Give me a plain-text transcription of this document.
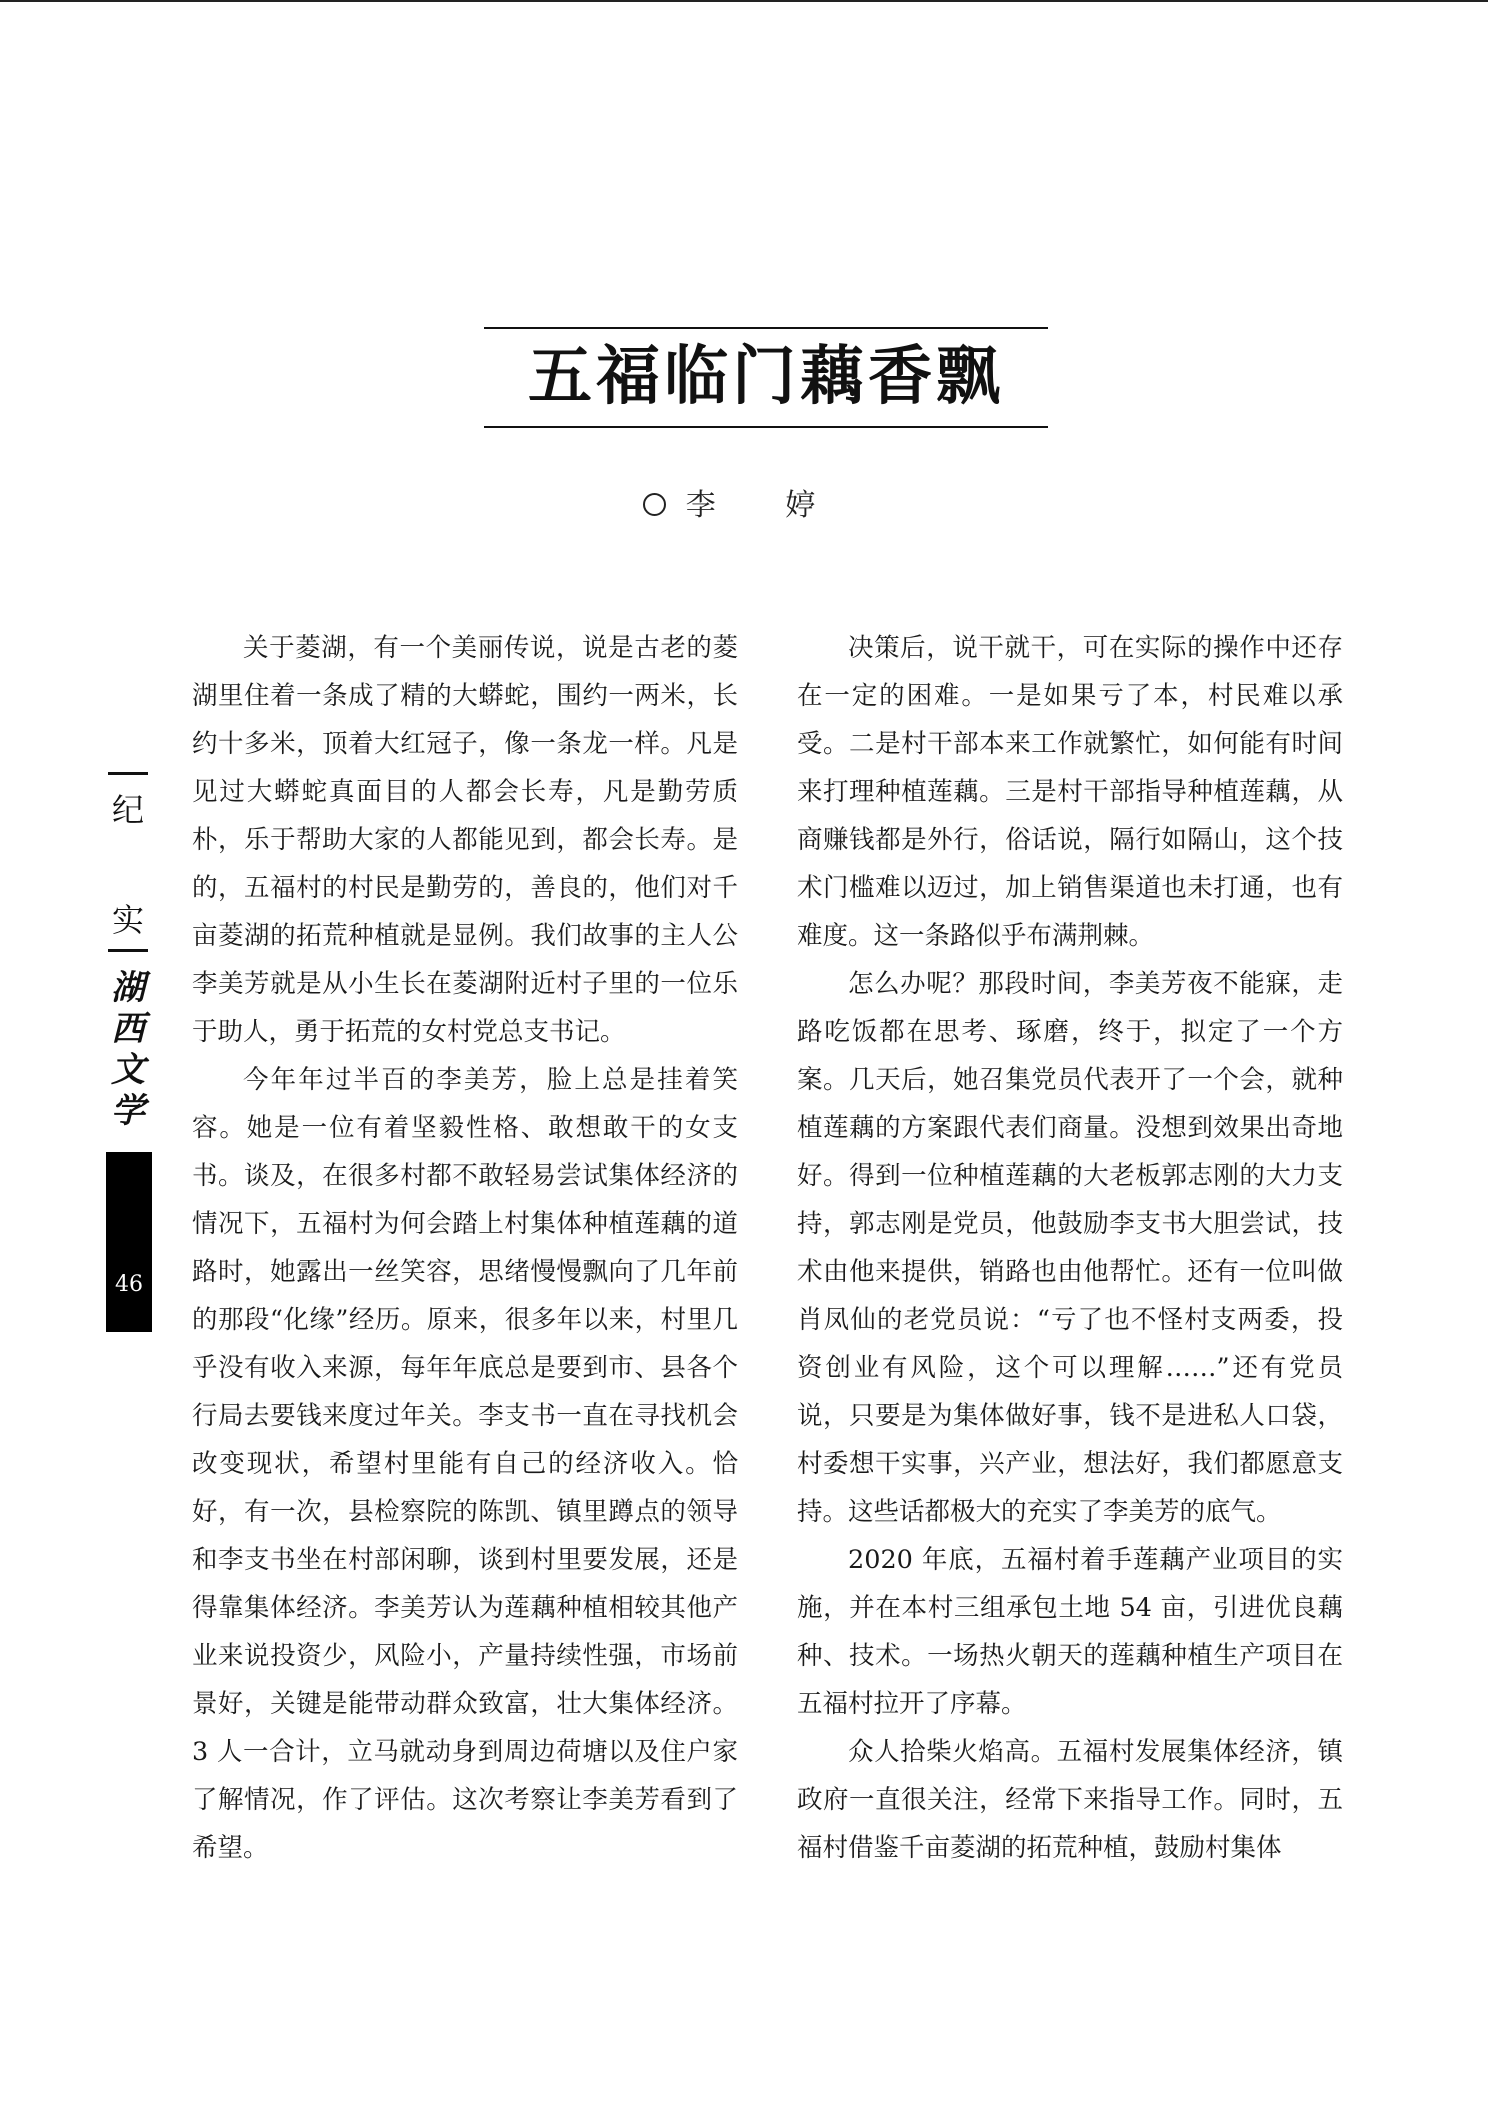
五福临门藕香飘
李 婷
纪
实
湖
西
文
学
46

关于菱湖，有一个美丽传说，说是古老的菱湖里住着一条成了精的大蟒蛇，围约一两米，长约十多米，顶着大红冠子，像一条龙一样。凡是见过大蟒蛇真面目的人都会长寿，凡是勤劳质朴，乐于帮助大家的人都能见到，都会长寿。是的，五福村的村民是勤劳的，善良的，他们对千亩菱湖的拓荒种植就是显例。我们故事的主人公李美芳就是从小生长在菱湖附近村子里的一位乐于助人，勇于拓荒的女村党总支书记。

今年年过半百的李美芳，脸上总是挂着笑容。她是一位有着坚毅性格、敢想敢干的女支书。谈及，在很多村都不敢轻易尝试集体经济的情况下，五福村为何会踏上村集体种植莲藕的道路时，她露出一丝笑容，思绪慢慢飘向了几年前的那段“化缘”经历。原来，很多年以来，村里几乎没有收入来源，每年年底总是要到市、县各个行局去要钱来度过年关。李支书一直在寻找机会改变现状，希望村里能有自己的经济收入。恰好，有一次，县检察院的陈凯、镇里蹲点的领导和李支书坐在村部闲聊，谈到村里要发展，还是得靠集体经济。李美芳认为莲藕种植相较其他产业来说投资少，风险小，产量持续性强，市场前景好，关键是能带动群众致富，壮大集体经济。3 人一合计，立马就动身到周边荷塘以及住户家了解情况，作了评估。这次考察让李美芳看到了希望。

决策后，说干就干，可在实际的操作中还存在一定的困难。一是如果亏了本，村民难以承受。二是村干部本来工作就繁忙，如何能有时间来打理种植莲藕。三是村干部指导种植莲藕，从商赚钱都是外行，俗话说，隔行如隔山，这个技术门槛难以迈过，加上销售渠道也未打通，也有难度。这一条路似乎布满荆棘。

怎么办呢？那段时间，李美芳夜不能寐，走路吃饭都在思考、琢磨，终于，拟定了一个方案。几天后，她召集党员代表开了一个会，就种植莲藕的方案跟代表们商量。没想到效果出奇地好。得到一位种植莲藕的大老板郭志刚的大力支持，郭志刚是党员，他鼓励李支书大胆尝试，技术由他来提供，销路也由他帮忙。还有一位叫做肖凤仙的老党员说：“亏了也不怪村支两委，投资创业有风险，这个可以理解……”还有党员说，只要是为集体做好事，钱不是进私人口袋，村委想干实事，兴产业，想法好，我们都愿意支持。这些话都极大的充实了李美芳的底气。

2020 年底，五福村着手莲藕产业项目的实施，并在本村三组承包土地 54 亩，引进优良藕种、技术。一场热火朝天的莲藕种植生产项目在五福村拉开了序幕。

众人拾柴火焰高。五福村发展集体经济，镇政府一直很关注，经常下来指导工作。同时，五福村借鉴千亩菱湖的拓荒种植，鼓励村集体
